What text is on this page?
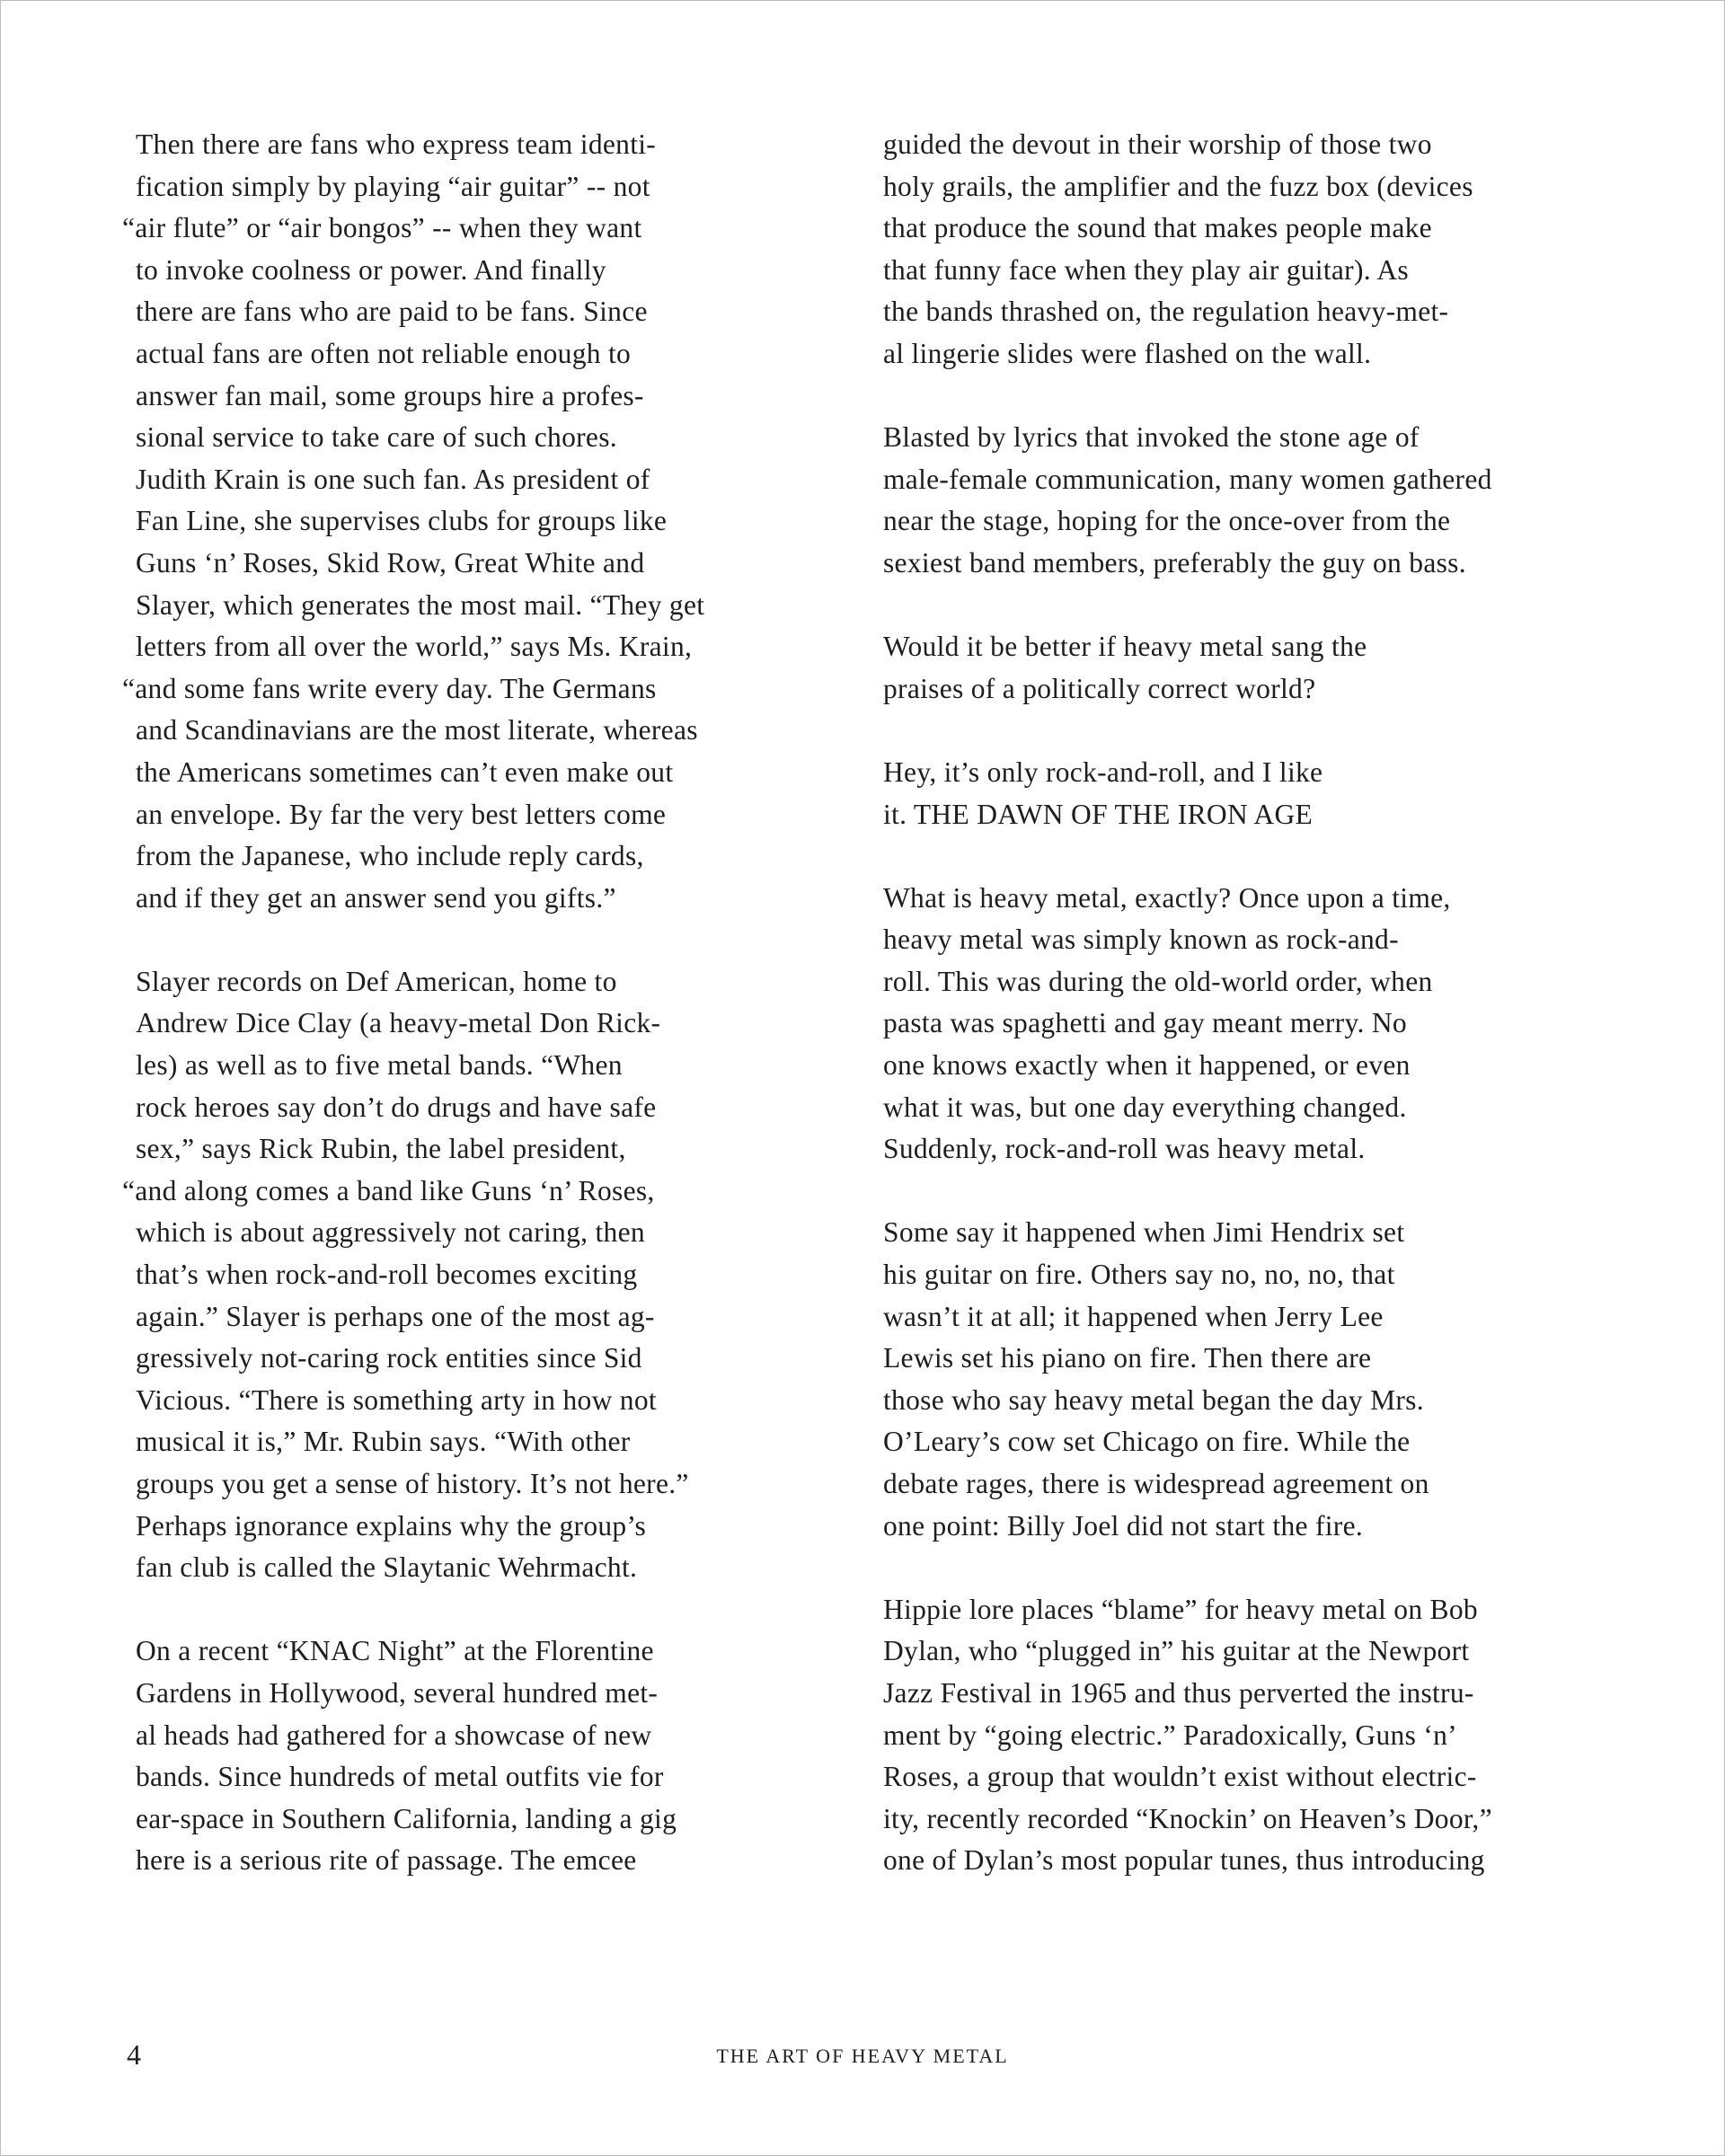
Then there are fans who express team identi-
fication simply by playing “air guitar” -- not
“air flute” or “air bongos” -- when they want
to invoke coolness or power. And finally
there are fans who are paid to be fans. Since
actual fans are often not reliable enough to
answer fan mail, some groups hire a profes-
sional service to take care of such chores.
Judith Krain is one such fan. As president of
Fan Line, she supervises clubs for groups like
Guns ‘n’ Roses, Skid Row, Great White and
Slayer, which generates the most mail. “They get
letters from all over the world,” says Ms. Krain,
“and some fans write every day. The Germans
and Scandinavians are the most literate, whereas
the Americans sometimes can’t even make out
an envelope. By far the very best letters come
from the Japanese, who include reply cards,
and if they get an answer send you gifts.”
Slayer records on Def American, home to
Andrew Dice Clay (a heavy-metal Don Rick-
les) as well as to five metal bands. “When
rock heroes say don’t do drugs and have safe
sex,” says Rick Rubin, the label president,
“and along comes a band like Guns ‘n’ Roses,
which is about aggressively not caring, then
that’s when rock-and-roll becomes exciting
again.” Slayer is perhaps one of the most ag-
gressively not-caring rock entities since Sid
Vicious. “There is something arty in how not
musical it is,” Mr. Rubin says. “With other
groups you get a sense of history. It’s not here.”
Perhaps ignorance explains why the group’s
fan club is called the Slaytanic Wehrmacht.
On a recent “KNAC Night” at the Florentine
Gardens in Hollywood, several hundred met-
al heads had gathered for a showcase of new
bands. Since hundreds of metal outfits vie for
ear-space in Southern California, landing a gig
here is a serious rite of passage. The emcee
guided the devout in their worship of those two
holy grails, the amplifier and the fuzz box (devices
that produce the sound that makes people make
that funny face when they play air guitar). As
the bands thrashed on, the regulation heavy-met-
al lingerie slides were flashed on the wall.
Blasted by lyrics that invoked the stone age of
male-female communication, many women gathered
near the stage, hoping for the once-over from the
sexiest band members, preferably the guy on bass.
Would it be better if heavy metal sang the
praises of a politically correct world?
Hey, it’s only rock-and-roll, and I like
it. THE DAWN OF THE IRON AGE
What is heavy metal, exactly? Once upon a time,
heavy metal was simply known as rock-and-
roll. This was during the old-world order, when
pasta was spaghetti and gay meant merry. No
one knows exactly when it happened, or even
what it was, but one day everything changed.
Suddenly, rock-and-roll was heavy metal.
Some say it happened when Jimi Hendrix set
his guitar on fire. Others say no, no, no, that
wasn’t it at all; it happened when Jerry Lee
Lewis set his piano on fire. Then there are
those who say heavy metal began the day Mrs.
O’Leary’s cow set Chicago on fire. While the
debate rages, there is widespread agreement on
one point: Billy Joel did not start the fire.
Hippie lore places “blame” for heavy metal on Bob
Dylan, who “plugged in” his guitar at the Newport
Jazz Festival in 1965 and thus perverted the instru-
ment by “going electric.” Paradoxically, Guns ‘n’
Roses, a group that wouldn’t exist without electric-
ity, recently recorded “Knockin’ on Heaven’s Door,”
one of Dylan’s most popular tunes, thus introducing
4	THE ART OF HEAVY METAL
